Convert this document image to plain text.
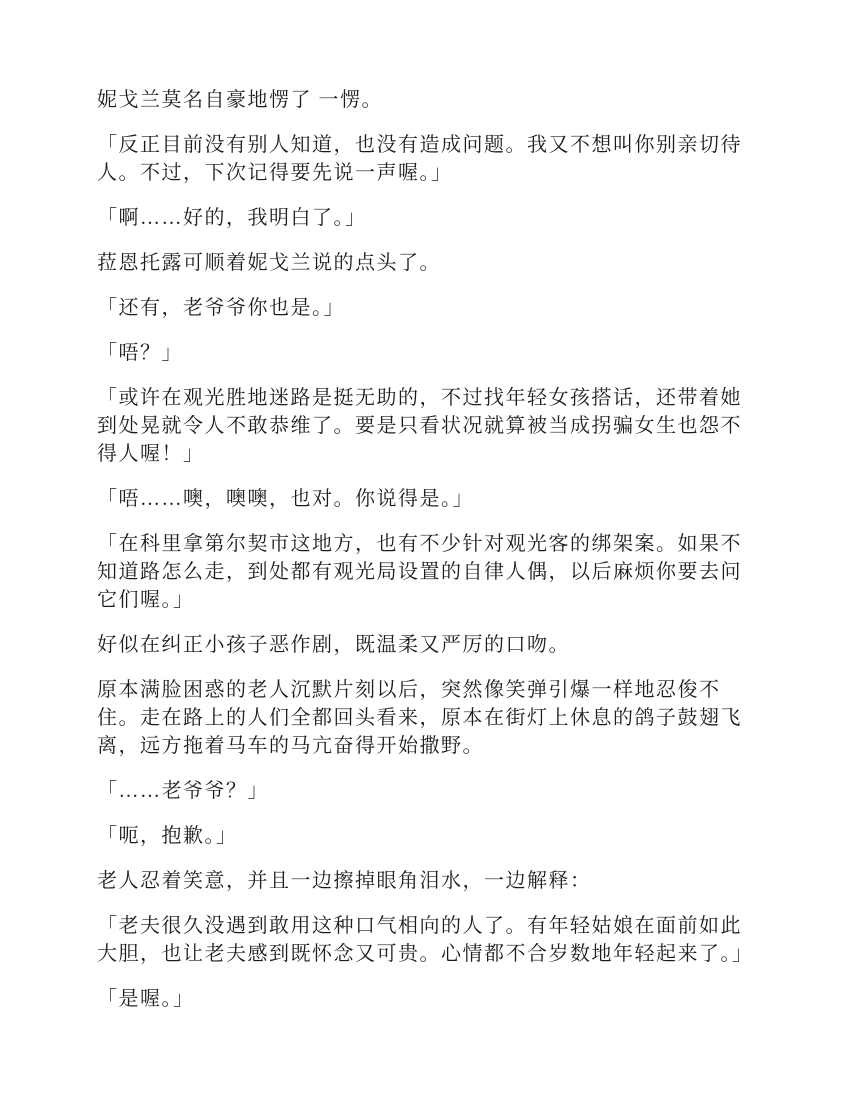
妮戈兰莫名自豪地愣了 一愣。

「反正目前没有别人知道，也没有造成问题。我又不想叫你别亲切待人。不过，下次记得要先说一声喔。」

「啊……好的，我明白了。」

菈恩托露可顺着妮戈兰说的点头了。

「还有，老爷爷你也是。」

「唔？」

「或许在观光胜地迷路是挺无助的，不过找年轻女孩搭话，还带着她到处晃就令人不敢恭维了。要是只看状况就算被当成拐骗女生也怨不得人喔！」

「唔……噢，噢噢，也对。你说得是。」

「在科里拿第尔契市这地方，也有不少针对观光客的绑架案。如果不知道路怎么走，到处都有观光局设置的自律人偶，以后麻烦你要去问它们喔。」

好似在纠正小孩子恶作剧，既温柔又严厉的口吻。

原本满脸困惑的老人沉默片刻以后，突然像笑弹引爆一样地忍俊不住。走在路上的人们全都回头看来，原本在街灯上休息的鸽子鼓翅飞离，远方拖着马车的马亢奋得开始撒野。

「……老爷爷？」

「呃，抱歉。」

老人忍着笑意，并且一边擦掉眼角泪水，一边解释：

「老夫很久没遇到敢用这种口气相向的人了。有年轻姑娘在面前如此大胆，也让老夫感到既怀念又可贵。心情都不合岁数地年轻起来了。」

「是喔。」
